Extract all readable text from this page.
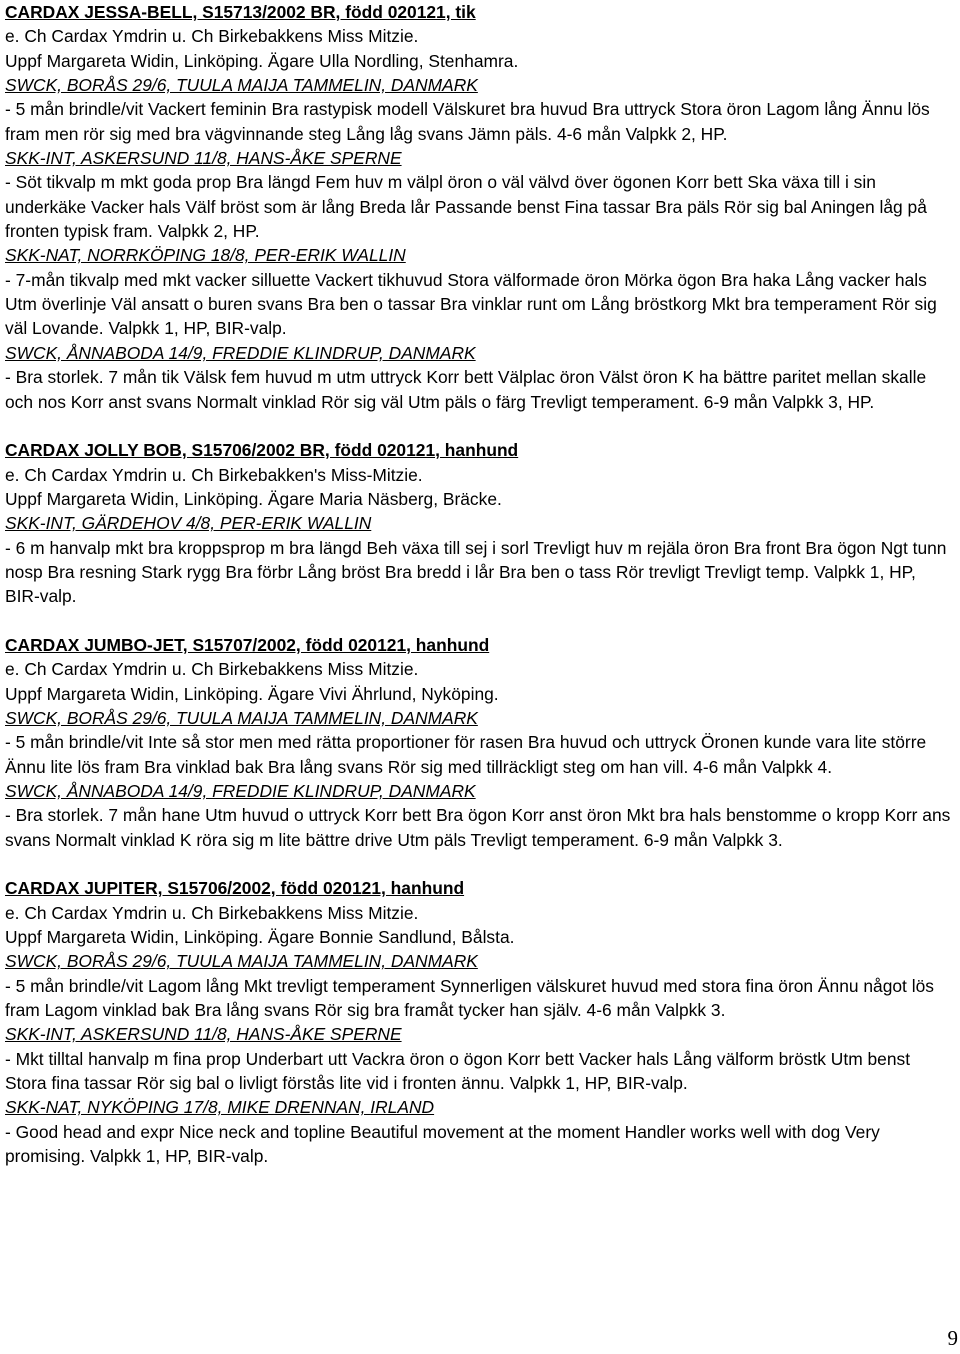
CARDAX JESSA-BELL, S15713/2002 BR, född 020121, tik
e. Ch Cardax Ymdrin u. Ch Birkebakkens Miss Mitzie.
Uppf Margareta Widin, Linköping. Ägare Ulla Nordling, Stenhamra.
SWCK, BORÅS 29/6, TUULA MAIJA TAMMELIN, DANMARK
- 5 mån brindle/vit Vackert feminin Bra rastypisk modell Välskuret bra huvud Bra uttryck Stora öron Lagom lång Ännu lös fram men rör sig med bra vägvinnande steg Lång låg svans Jämn päls. 4-6 mån Valpkk 2, HP.
SKK-INT, ASKERSUND 11/8, HANS-ÅKE SPERNE
- Söt tikvalp m mkt goda prop Bra längd Fem huv m välpl öron o väl välvd över ögonen Korr bett Ska växa till i sin underkäke Vacker hals Välf bröst som är lång Breda lår Passande benst Fina tassar Bra päls Rör sig bal Aningen låg på fronten typisk fram. Valpkk 2, HP.
SKK-NAT, NORRKÖPING 18/8, PER-ERIK WALLIN
- 7-mån tikvalp med mkt vacker silluette Vackert tikhuvud Stora välformade öron Mörka ögon Bra haka Lång vacker hals Utm överlinje Väl ansatt o buren svans Bra ben o tassar Bra vinklar runt om Lång bröstkorg Mkt bra temperament Rör sig väl Lovande. Valpkk 1, HP, BIR-valp.
SWCK, ÅNNABODA 14/9, FREDDIE KLINDRUP, DANMARK
- Bra storlek. 7 mån tik Välsk fem huvud m utm uttryck Korr bett Välplac öron Välst öron K ha bättre paritet mellan skalle och nos Korr anst svans Normalt vinklad Rör sig väl Utm päls o färg Trevligt temperament. 6-9 mån Valpkk 3, HP.
CARDAX JOLLY BOB, S15706/2002 BR, född 020121, hanhund
e. Ch Cardax Ymdrin u. Ch Birkebakken's Miss-Mitzie.
Uppf Margareta Widin, Linköping. Ägare Maria Näsberg, Bräcke.
SKK-INT, GÄRDEHOV 4/8, PER-ERIK WALLIN
- 6 m hanvalp mkt bra kroppsprop m bra längd Beh växa till sej i sorl Trevligt huv m rejäla öron Bra front Bra ögon Ngt tunn nosp Bra resning Stark rygg Bra förbr Lång bröst Bra bredd i lår Bra ben o tass Rör trevligt Trevligt temp. Valpkk 1, HP, BIR-valp.
CARDAX JUMBO-JET, S15707/2002, född 020121, hanhund
e. Ch Cardax Ymdrin u. Ch Birkebakkens Miss Mitzie.
Uppf Margareta Widin, Linköping. Ägare Vivi Ährlund, Nyköping.
SWCK, BORÅS 29/6, TUULA MAIJA TAMMELIN, DANMARK
- 5 mån brindle/vit Inte så stor men med rätta proportioner för rasen Bra huvud och uttryck Öronen kunde vara lite större Ännu lite lös fram Bra vinklad bak Bra lång svans Rör sig med tillräckligt steg om han vill. 4-6 mån Valpkk 4.
SWCK, ÅNNABODA 14/9, FREDDIE KLINDRUP, DANMARK
- Bra storlek. 7 mån hane Utm huvud o uttryck Korr bett Bra ögon Korr anst öron Mkt bra hals benstomme o kropp Korr ans svans Normalt vinklad K röra sig m lite bättre drive Utm päls Trevligt temperament. 6-9 mån Valpkk 3.
CARDAX JUPITER, S15706/2002, född 020121, hanhund
e. Ch Cardax Ymdrin u. Ch Birkebakkens Miss Mitzie.
Uppf Margareta Widin, Linköping. Ägare Bonnie Sandlund, Bålsta.
SWCK, BORÅS 29/6, TUULA MAIJA TAMMELIN, DANMARK
- 5 mån brindle/vit Lagom lång Mkt trevligt temperament Synnerligen välskuret huvud med stora fina öron Ännu något lös fram Lagom vinklad bak Bra lång svans Rör sig bra framåt tycker han själv. 4-6 mån Valpkk 3.
SKK-INT, ASKERSUND 11/8, HANS-ÅKE SPERNE
- Mkt tilltal hanvalp m fina prop Underbart utt Vackra öron o ögon Korr bett Vacker hals Lång välform bröstk Utm benst Stora fina tassar Rör sig bal o livligt förstås lite vid i fronten ännu. Valpkk 1, HP, BIR-valp.
SKK-NAT, NYKÖPING 17/8, MIKE DRENNAN, IRLAND
- Good head and expr Nice neck and topline Beautiful movement at the moment Handler works well with dog Very promising. Valpkk 1, HP, BIR-valp.
9
